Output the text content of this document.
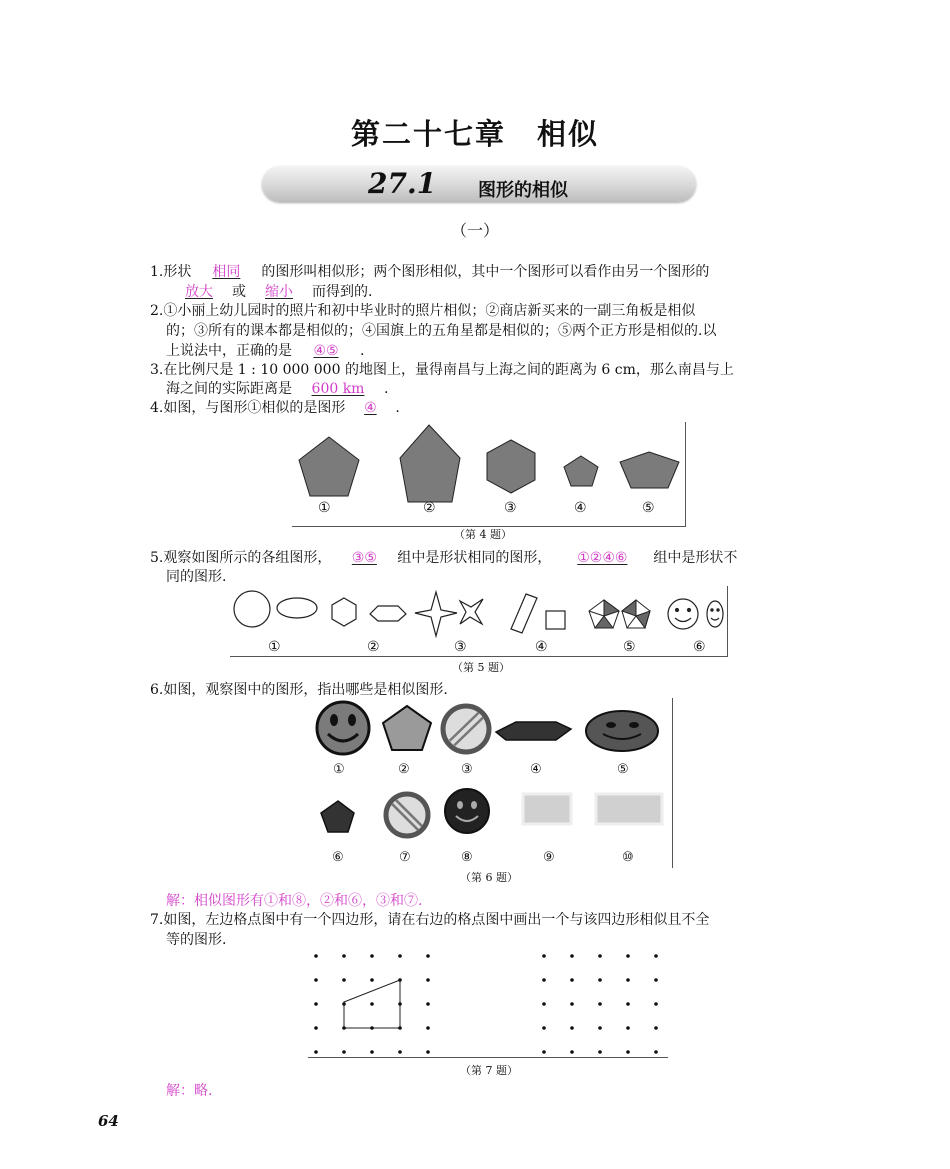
第二十七章　相似
27.1 图形的相似
（一）
1.形状 相同 的图形叫相似形；两个图形相似，其中一个图形可以看作由另一个图形的
放大 或 缩小 而得到的.
2.①小丽上幼儿园时的照片和初中毕业时的照片相似；②商店新买来的一副三角板是相似
的；③所有的课本都是相似的；④国旗上的五角星都是相似的；⑤两个正方形是相似的.以
上说法中，正确的是 ④⑤ .
3.在比例尺是 1 : 10 000 000 的地图上，量得南昌与上海之间的距离为 6 cm，那么南昌与上
海之间的实际距离是 600 km .
4.如图，与图形①相似的是图形 ④ .
①	②	③	④	⑤
（第 4 题）
5.观察如图所示的各组图形， ③⑤ 组中是形状相同的图形， ①②④⑥ 组中是形状不
同的图形.
①	②	③	④	⑤	⑥
（第 5 题）
6.如图，观察图中的图形，指出哪些是相似图形.
①	②	③	④	⑤
⑥	⑦	⑧	⑨	⑩
（第 6 题）
解：相似图形有①和⑧，②和⑥，③和⑦.
7.如图，左边格点图中有一个四边形，请在右边的格点图中画出一个与该四边形相似且不全
等的图形.
（第 7 题）
解：略.
64
